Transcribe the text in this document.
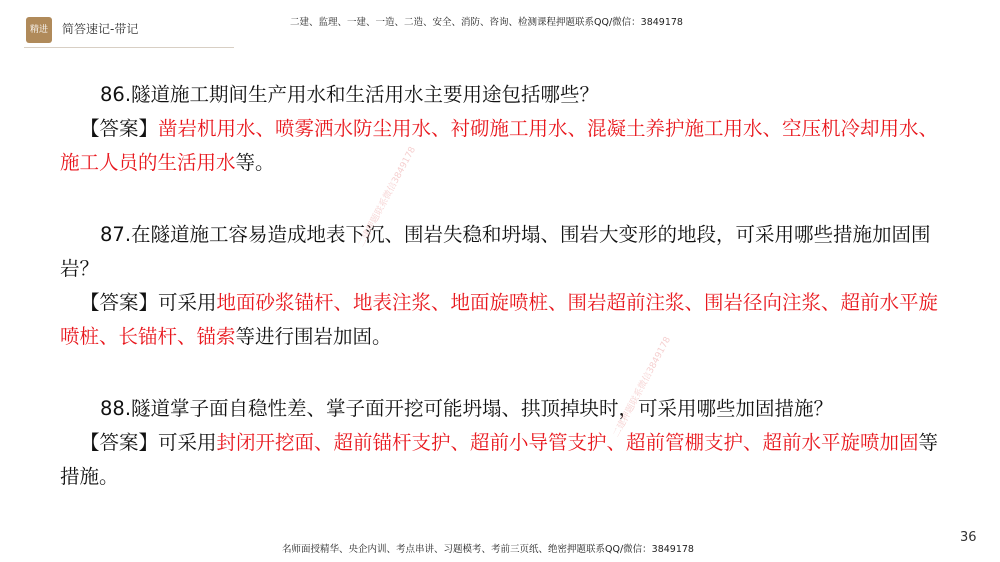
精进	简答速记-带记	二建、监理、一建、一造、二造、安全、消防、咨询、检测课程押题联系QQ/微信：3849178

86.隧道施工期间生产用水和生活用水主要用途包括哪些？

【答案】凿岩机用水、喷雾洒水防尘用水、衬砌施工用水、混凝土养护施工用水、空压机冷却用水、施工人员的生活用水等。

87.在隧道施工容易造成地表下沉、围岩失稳和坍塌、围岩大变形的地段，可采用哪些措施加固围岩？

【答案】可采用地面砂浆锚杆、地表注浆、地面旋喷桩、围岩超前注浆、围岩径向注浆、超前水平旋喷桩、长锚杆、锚索等进行围岩加固。

88.隧道掌子面自稳性差、掌子面开挖可能坍塌、拱顶掉块时，可采用哪些加固措施？

【答案】可采用封闭开挖面、超前锚杆支护、超前小导管支护、超前管棚支护、超前水平旋喷加固等措施。

二建押题联系微信3849178
二建押题联系微信3849178
名师面授精华、央企内训、考点串讲、习题模考、考前三页纸、绝密押题联系QQ/微信：3849178
36
